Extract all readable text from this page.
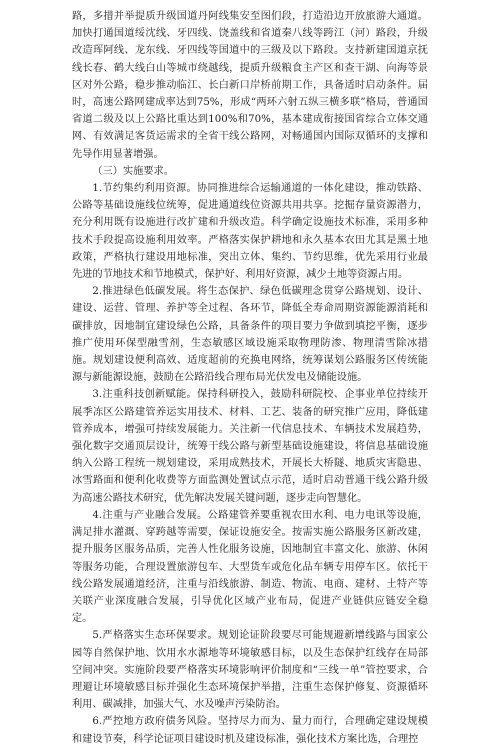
路，多措并举提质升级国道丹阿线集安至图们段，打造沿边开放旅游大通道。加快打通国道绥沈线、牙四线、饶盖线和省道秦八线等跨江（河）路段，升级改造珲阿线、龙东线、牙四线等国道中的三级及以下路段。支持新建国道京抚线长春、鹤大线白山等城市绕越线，提质升级粮食主产区和查干湖、向海等景区对外公路，稳步推动临江、长白新口岸桥前期工作，具备适时启动条件。届时，高速公路网建成率达到75%，形成“两环六射五纵三横多联”格局，普通国省道二级及以上公路比重达到100%和70%，基本建成衔接国省综合立体交通网、有效满足客货运需求的全省干线公路网，对畅通国内国际双循环的支撑和先导作用显著增强。

（三）实施要求。

1.节约集约利用资源。协同推进综合运输通道的一体化建设，推动铁路、公路等基础设施线位统筹，促进通道线位资源共用共享。挖掘存量资源潜力，充分利用既有设施进行改扩建和升级改造。科学确定设施技术标准，采用多种技术手段提高设施利用效率。严格落实保护耕地和永久基本农田尤其是黑土地政策，严格执行建设用地标准，突出立体、集约、节约思维，优先采用行业最先进的节地技术和节地模式，保护好、利用好资源，减少土地等资源占用。

2.推进绿色低碳发展。将生态保护、绿色低碳理念贯穿公路规划、设计、建设、运营、管理、养护等全过程、各环节，降低全寿命周期资源能源消耗和碳排放，因地制宜建设绿色公路，具备条件的项目要力争做到填挖平衡，逐步推广使用环保型融雪剂，生态敏感区域设施采取物理防渗、物理清雪除冰措施。规划建设便利高效、适度超前的充换电网络，统筹谋划公路服务区传统能源与新能源设施，鼓励在公路沿线合理布局光伏发电及储能设施。

3.注重科技创新赋能。保持科研投入，鼓励科研院校、企事业单位持续开展季冻区公路建管养运实用技术、材料、工艺、装备的研究推广应用，降低建管养成本，增强可持续发展能力。关注新一代信息技术、车辆技术发展趋势，强化数字交通顶层设计，统筹干线公路与新型基础设施建设，将信息基础设施纳入公路工程统一规划建设，采用成熟技术，开展长大桥隧、地质灾害隐患、冰雪路面和便利化收费等方面监测处置试点示范，适时启动普通干线公路升级为高速公路技术研究，优先解决发展关键问题，逐步走向智慧化。

4.注重与产业融合发展。公路建管养要重视农田水利、电力电讯等设施，满足排水灌溉、穿跨越等需要，保证设施安全。按需实施公路服务区新改建，提升服务区服务品质，完善人性化服务设施，因地制宜丰富文化、旅游、休闲等服务功能，合理设置旅游包车、大型货车或危化品车辆专用停车区。依托干线公路发展通道经济，注重与沿线旅游、制造、物流、电商、建材、土特产等关联产业深度融合发展，引导优化区域产业布局，促进产业链供应链安全稳定。

5.严格落实生态环保要求。规划论证阶段要尽可能规避新增线路与国家公园等自然保护地、饮用水水源地等环境敏感目标，以及生态保护红线存在局部空间冲突。实施阶段要严格落实环境影响评价制度和“三线一单”管控要求，合理避让环境敏感目标并强化生态环境保护举措，注重生态保护修复、资源循环利用、碳减排，加强大气、水及噪声污染防治。

6.严控地方政府债务风险。坚持尽力而为、量力而行，合理确定建设规模和建设节奏，科学论证项目建设时机及建设标准，强化技术方案比选，合理控
